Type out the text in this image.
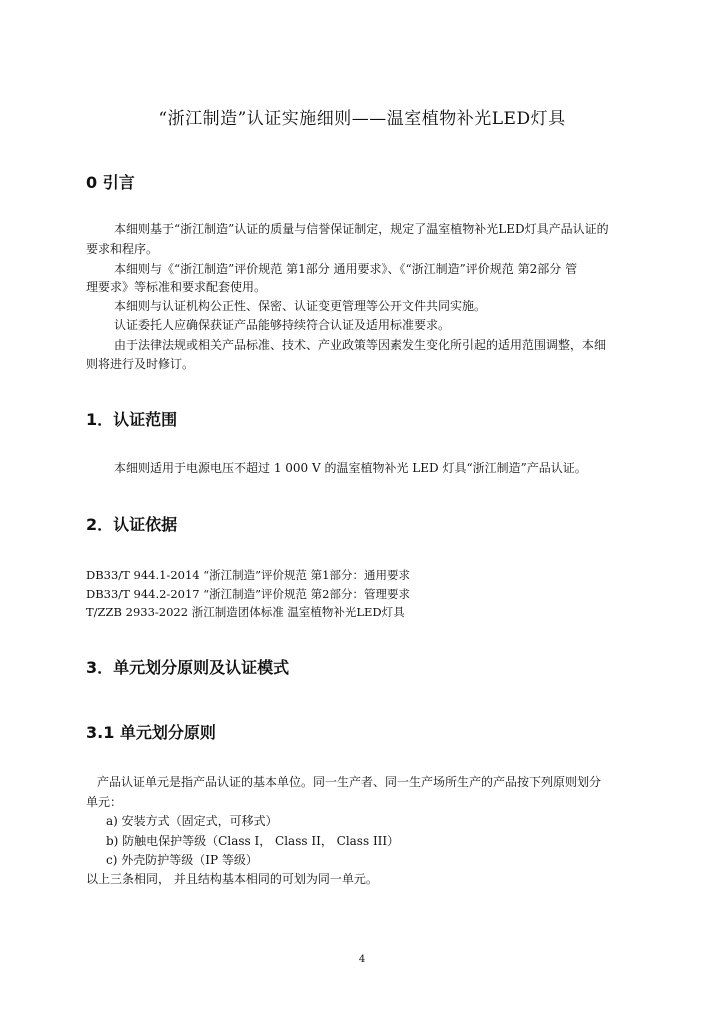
“浙江制造”认证实施细则——温室植物补光LED灯具
0 引言
本细则基于“浙江制造”认证的质量与信誉保证制定，规定了温室植物补光LED灯具产品认证的
要求和程序。
本细则与《“浙江制造”评价规范 第1部分 通用要求》、《“浙江制造”评价规范 第2部分 管
理要求》等标准和要求配套使用。
本细则与认证机构公正性、保密、认证变更管理等公开文件共同实施。
认证委托人应确保获证产品能够持续符合认证及适用标准要求。
由于法律法规或相关产品标准、技术、产业政策等因素发生变化所引起的适用范围调整，本细
则将进行及时修订。
1．认证范围
本细则适用于电源电压不超过 1 000 V 的温室植物补光 LED 灯具“浙江制造”产品认证。
2．认证依据
DB33/T 944.1-2014 “浙江制造”评价规范 第1部分：通用要求
DB33/T 944.2-2017 “浙江制造”评价规范 第2部分：管理要求
T/ZZB 2933-2022 浙江制造团体标准 温室植物补光LED灯具
3．单元划分原则及认证模式
3.1 单元划分原则
产品认证单元是指产品认证的基本单位。同一生产者、同一生产场所生产的产品按下列原则划分
单元：
a) 安装方式（固定式，可移式）
b) 防触电保护等级（Class I， Class II， Class III）
c) 外壳防护等级（IP 等级）
以上三条相同， 并且结构基本相同的可划为同一单元。
4
